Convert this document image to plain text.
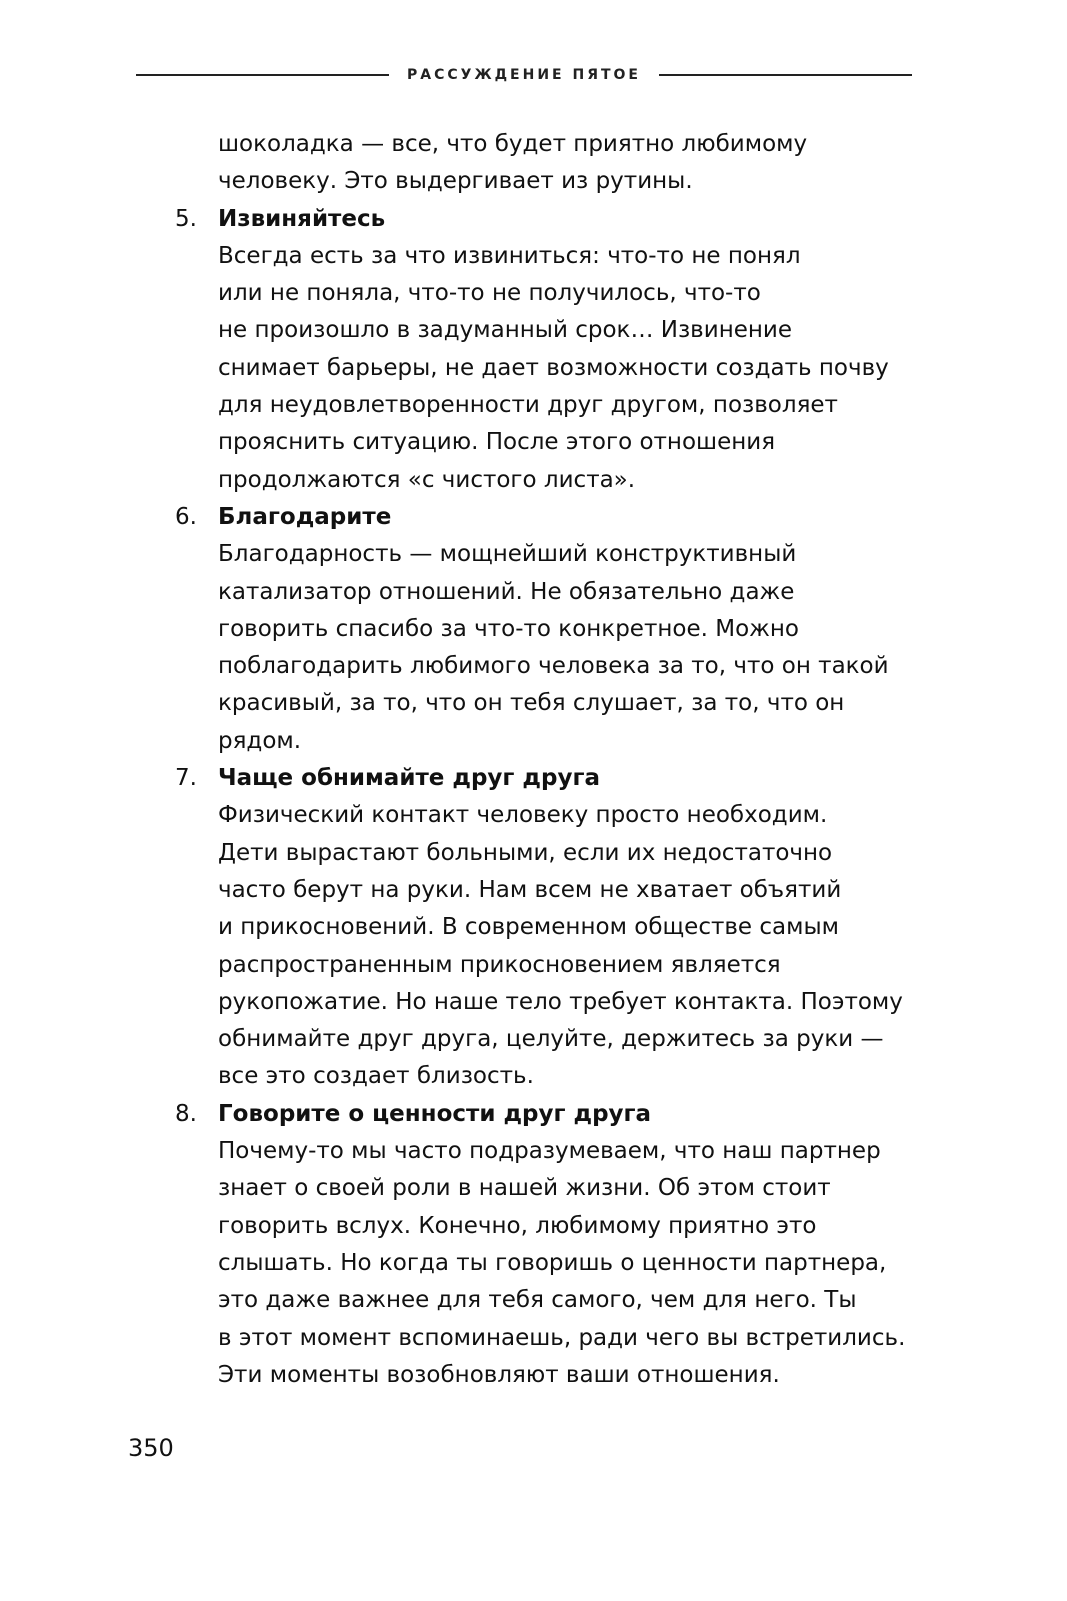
РАССУЖДЕНИЕ ПЯТОЕ
шоколадка — все, что будет приятно любимому
человеку. Это выдергивает из рутины.
5. Извиняйтесь
Всегда есть за что извиниться: что-то не понял
или не поняла, что-то не получилось, что-то
не произошло в задуманный срок… Извинение
снимает барьеры, не дает возможности создать почву
для неудовлетворенности друг другом, позволяет
прояснить ситуацию. После этого отношения
продолжаются «с чистого листа».
6. Благодарите
Благодарность — мощнейший конструктивный
катализатор отношений. Не обязательно даже
говорить спасибо за что-то конкретное. Можно
поблагодарить любимого человека за то, что он такой
красивый, за то, что он тебя слушает, за то, что он
рядом.
7. Чаще обнимайте друг друга
Физический контакт человеку просто необходим.
Дети вырастают больными, если их недостаточно
часто берут на руки. Нам всем не хватает объятий
и прикосновений. В современном обществе самым
распространенным прикосновением является
рукопожатие. Но наше тело требует контакта. Поэтому
обнимайте друг друга, целуйте, держитесь за руки —
все это создает близость.
8. Говорите о ценности друг друга
Почему-то мы часто подразумеваем, что наш партнер
знает о своей роли в нашей жизни. Об этом стоит
говорить вслух. Конечно, любимому приятно это
слышать. Но когда ты говоришь о ценности партнера,
это даже важнее для тебя самого, чем для него. Ты
в этот момент вспоминаешь, ради чего вы встретились.
Эти моменты возобновляют ваши отношения.
350
